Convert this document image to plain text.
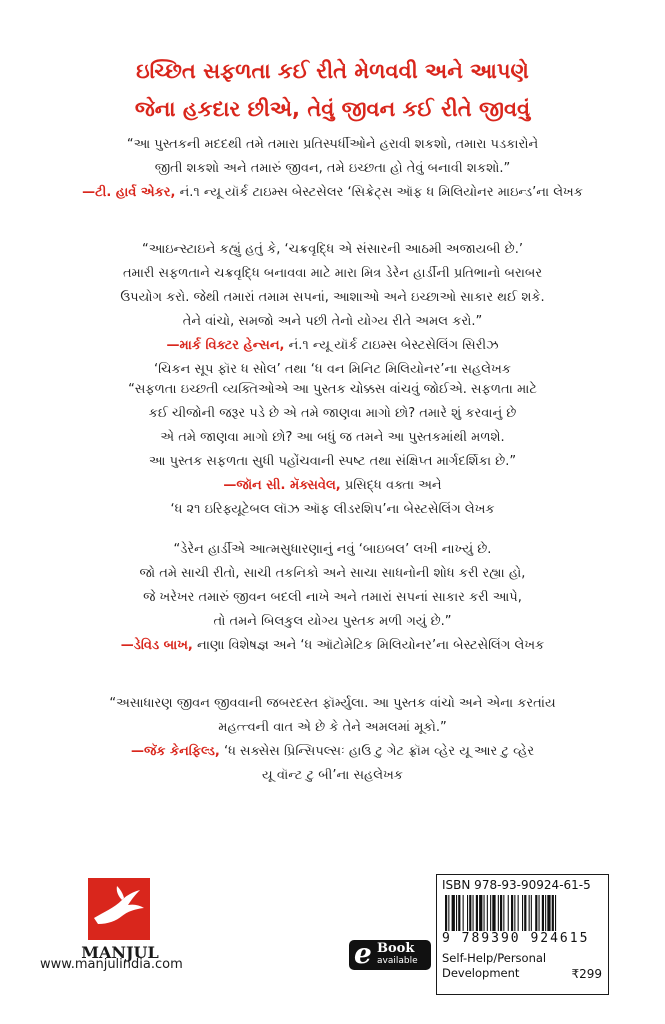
ઇચ્છિત સફળતા કઈ રીતે મેળવવી અને આપણે
જેના હકદાર છીએ, તેવું જીવન કઈ રીતે જીવવું
“આ પુસ્તકની મદદથી તમે તમારા પ્રતિસ્પર્ધીઓને હરાવી શકશો, તમારા પડકારોને
જીતી શકશો અને તમારું જીવન, તમે ઇચ્છતા હો તેવું બનાવી શકશો.”
—ટી. હાર્વ એકર, નં.૧ ન્યૂ યૉર્ક ટાઇમ્સ બેસ્ટસેલર ‘સિક્રેટ્સ ઑફ ધ મિલિયોનર માઇન્ડ’ના લેખક
“આઇન્સ્ટાઇને કહ્યું હતું કે, ‘ચક્રવૃદ્ધિ એ સંસારની આઠમી અજાયબી છે.’
તમારી સફળતાને ચક્રવૃદ્ધિ બનાવવા માટે મારા મિત્ર ડેરેન હાર્ડીની પ્રતિભાનો બરાબર
ઉપયોગ કરો. જેથી તમારાં તમામ સપનાં, આશાઓ અને ઇચ્છાઓ સાકાર થઈ શકે.
તેને વાંચો, સમજો અને પછી તેનો યોગ્ય રીતે અમલ કરો.”
—માર્ક વિક્ટર હેન્સન, નં.૧ ન્યૂ યૉર્ક ટાઇમ્સ બેસ્ટસેલિંગ સિરીઝ
‘ચિકન સૂપ ફૉર ધ સોલ’ તથા ‘ધ વન મિનિટ મિલિયોનર’ના સહલેખક
“સફળતા ઇચ્છતી વ્યક્તિઓએ આ પુસ્તક ચોક્કસ વાંચવું જોઈએ. સફળતા માટે
કઈ ચીજોની જરૂર પડે છે એ તમે જાણવા માગો છો? તમારે શું કરવાનું છે
એ તમે જાણવા માગો છો? આ બધું જ તમને આ પુસ્તકમાંથી મળશે.
આ પુસ્તક સફળતા સુધી પહોંચવાની સ્પષ્ટ તથા સંક્ષિપ્ત માર્ગદર્શિકા છે.”
—જૉન સી. મૅક્સવેલ, પ્રસિદ્ધ વક્તા અને
‘ધ ૨૧ ઇરિફ્યૂટેબલ લૉઝ ઑફ લીડરશિપ’ના બેસ્ટસેલિંગ લેખક
“ડેરેન હાર્ડીએ આત્મસુધારણાનું નવું ‘બાઇબલ’ લખી નાખ્યું છે.
જો તમે સાચી રીતો, સાચી તકનિકો અને સાચા સાધનોની શોધ કરી રહ્યા હો,
જે ખરેખર તમારું જીવન બદલી નાખે અને તમારાં સપનાં સાકાર કરી આપે,
તો તમને બિલકુલ યોગ્ય પુસ્તક મળી ગયું છે.”
—ડેવિડ બાખ, નાણા વિશેષજ્ઞ અને ‘ધ ઑટોમેટિક મિલિયોનર’ના બેસ્ટસેલિંગ લેખક
“અસાધારણ જીવન જીવવાની જબરદસ્ત ફૉર્મ્યુલા. આ પુસ્તક વાંચો અને એના કરતાંય
મહત્ત્વની વાત એ છે કે તેને અમલમાં મૂકો.”
—જૅક કેનફિલ્ડ, ‘ધ સક્સેસ પ્રિન્સિપલ્સઃ હાઉ ટુ ગેટ ફ્રૉમ વ્હેર યૂ આર ટુ વ્હેર
યૂ વૉન્ટ ટુ બી’ના સહલેખક
MANJUL
www.manjulindia.com	e Book
available
ISBN 978-93-90924-61-5
9 789390 924615
Self-Help/Personal Development	₹299
